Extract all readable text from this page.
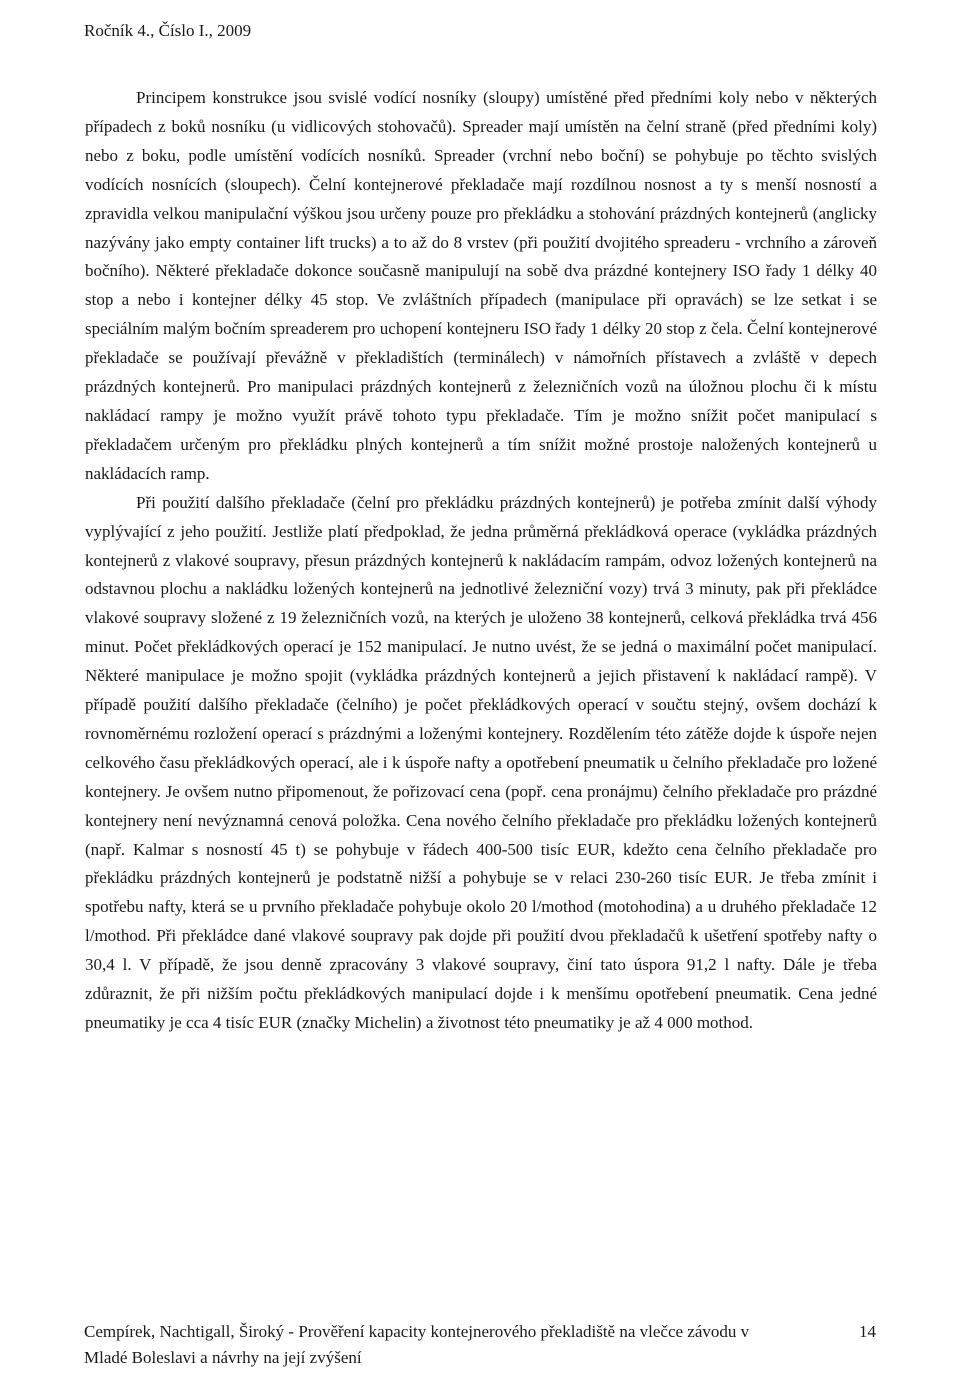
Ročník 4., Číslo I., 2009

Principem konstrukce jsou svislé vodící nosníky (sloupy) umístěné před předními koly nebo v některých případech z boků nosníku (u vidlicových stohovačů). Spreader mají umístěn na čelní straně (před předními koly) nebo z boku, podle umístění vodících nosníků. Spreader (vrchní nebo boční) se pohybuje po těchto svislých vodících nosnících (sloupech). Čelní kontejnerové překladače mají rozdílnou nosnost a ty s menší nosností a zpravidla velkou manipulační výškou jsou určeny pouze pro překládku a stohování prázdných kontejnerů (anglicky nazývány jako empty container lift trucks) a to až do 8 vrstev (při použití dvojitého spreaderu - vrchního a zároveň bočního). Některé překladače dokonce současně manipulují na sobě dva prázdné kontejnery ISO řady 1 délky 40 stop a nebo i kontejner délky 45 stop. Ve zvláštních případech (manipulace při opravách) se lze setkat i se speciálním malým bočním spreaderem pro uchopení kontejneru ISO řady 1 délky 20 stop z čela. Čelní kontejnerové překladače se používají převážně v překladištích (terminálech) v námořních přístavech a zvláště v depech prázdných kontejnerů. Pro manipulaci prázdných kontejnerů z železničních vozů na úložnou plochu či k místu nakládací rampy je možno využít právě tohoto typu překladače. Tím je možno snížit počet manipulací s překladačem určeným pro překládku plných kontejnerů a tím snížit možné prostoje naložených kontejnerů u nakládacích ramp.

Při použití dalšího překladače (čelní pro překládku prázdných kontejnerů) je potřeba zmínit další výhody vyplývající z jeho použití. Jestliže platí předpoklad, že jedna průměrná překládková operace (vykládka prázdných kontejnerů z vlakové soupravy, přesun prázdných kontejnerů k nakládacím rampám, odvoz ložených kontejnerů na odstavnou plochu a nakládku ložených kontejnerů na jednotlivé železniční vozy) trvá 3 minuty, pak při překládce vlakové soupravy složené z 19 železničních vozů, na kterých je uloženo 38 kontejnerů, celková překládka trvá 456 minut. Počet překládkových operací je 152 manipulací. Je nutno uvést, že se jedná o maximální počet manipulací. Některé manipulace je možno spojit (vykládka prázdných kontejnerů a jejich přistavení k nakládací rampě). V případě použití dalšího překladače (čelního) je počet překládkových operací v součtu stejný, ovšem dochází k rovnoměrnému rozložení operací s prázdnými a loženými kontejnery. Rozdělením této zátěže dojde k úspoře nejen celkového času překládkových operací, ale i k úspoře nafty a opotřebení pneumatik u čelního překladače pro ložené kontejnery. Je ovšem nutno připomenout, že pořizovací cena (popř. cena pronájmu) čelního překladače pro prázdné kontejnery není nevýznamná cenová položka. Cena nového čelního překladače pro překládku ložených kontejnerů (např. Kalmar s nosností 45 t) se pohybuje v řádech 400-500 tisíc EUR, kdežto cena čelního překladače pro překládku prázdných kontejnerů je podstatně nižší a pohybuje se v relaci 230-260 tisíc EUR. Je třeba zmínit i spotřebu nafty, která se u prvního překladače pohybuje okolo 20 l/mothod (motohodina) a u druhého překladače 12 l/mothod. Při překládce dané vlakové soupravy pak dojde při použití dvou překladačů k ušetření spotřeby nafty o 30,4 l. V případě, že jsou denně zpracovány 3 vlakové soupravy, činí tato úspora 91,2 l nafty. Dále je třeba zdůraznit, že při nižším počtu překládkových manipulací dojde i k menšímu opotřebení pneumatik. Cena jedné pneumatiky je cca 4 tisíc EUR (značky Michelin) a životnost této pneumatiky je až 4 000 mothod.

Cempírek, Nachtigall, Široký - Prověření kapacity kontejnerového překladiště na vlečce závodu v Mladé Boleslavi a návrhy na její zvýšení
14
